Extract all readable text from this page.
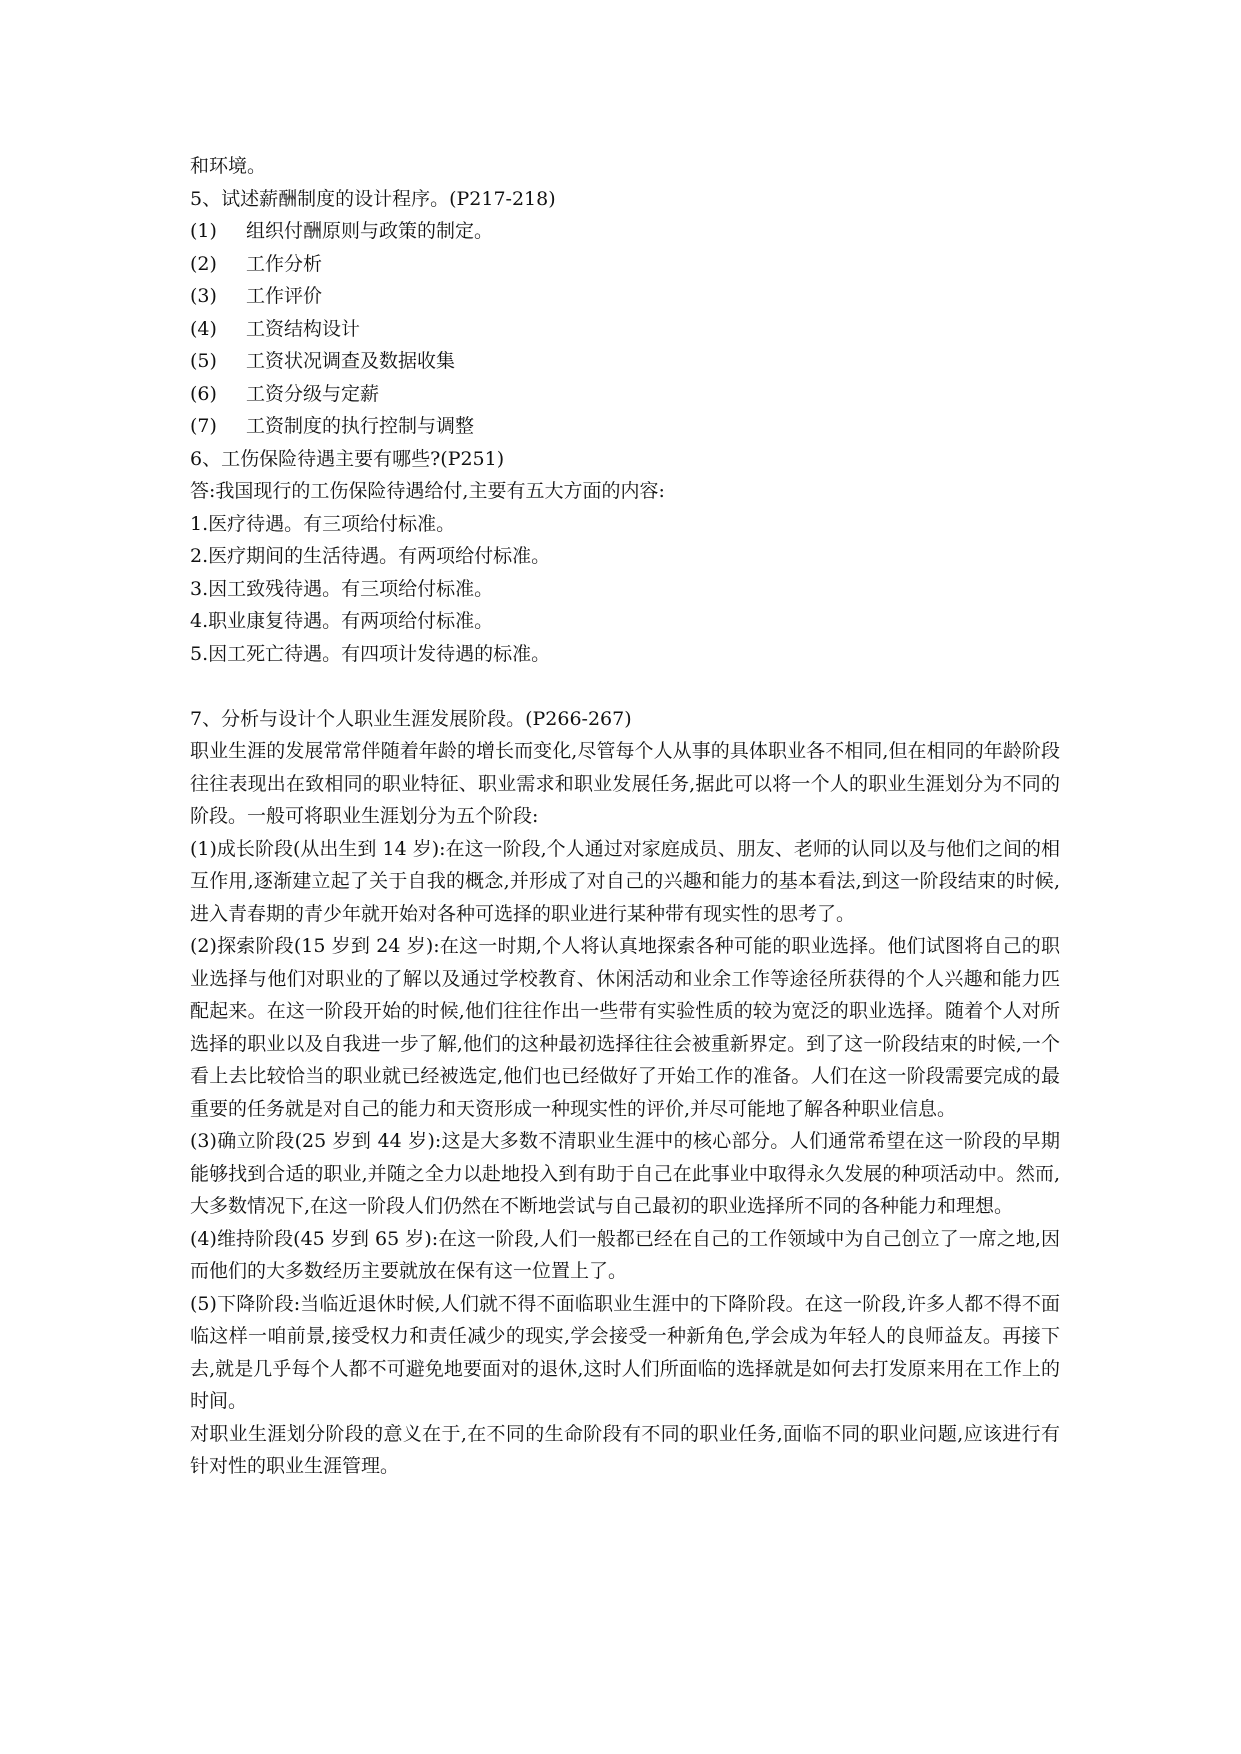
和环境。
5、试述薪酬制度的设计程序。(P217-218)
(1) 组织付酬原则与政策的制定。
(2) 工作分析
(3) 工作评价
(4) 工资结构设计
(5) 工资状况调查及数据收集
(6) 工资分级与定薪
(7) 工资制度的执行控制与调整
6、工伤保险待遇主要有哪些?(P251)
答:我国现行的工伤保险待遇给付,主要有五大方面的内容:
1.医疗待遇。有三项给付标准。
2.医疗期间的生活待遇。有两项给付标准。
3.因工致残待遇。有三项给付标准。
4.职业康复待遇。有两项给付标准。
5.因工死亡待遇。有四项计发待遇的标准。
7、分析与设计个人职业生涯发展阶段。(P266-267)
职业生涯的发展常常伴随着年龄的增长而变化,尽管每个人从事的具体职业各不相同,但在相同的年龄阶段往往表现出在致相同的职业特征、职业需求和职业发展任务,据此可以将一个人的职业生涯划分为不同的阶段。一般可将职业生涯划分为五个阶段:
(1)成长阶段(从出生到 14 岁):在这一阶段,个人通过对家庭成员、朋友、老师的认同以及与他们之间的相互作用,逐渐建立起了关于自我的概念,并形成了对自己的兴趣和能力的基本看法,到这一阶段结束的时候,进入青春期的青少年就开始对各种可选择的职业进行某种带有现实性的思考了。
(2)探索阶段(15 岁到 24 岁):在这一时期,个人将认真地探索各种可能的职业选择。他们试图将自己的职业选择与他们对职业的了解以及通过学校教育、休闲活动和业余工作等途径所获得的个人兴趣和能力匹配起来。在这一阶段开始的时候,他们往往作出一些带有实验性质的较为宽泛的职业选择。随着个人对所选择的职业以及自我进一步了解,他们的这种最初选择往往会被重新界定。到了这一阶段结束的时候,一个看上去比较恰当的职业就已经被选定,他们也已经做好了开始工作的准备。人们在这一阶段需要完成的最重要的任务就是对自己的能力和天资形成一种现实性的评价,并尽可能地了解各种职业信息。
(3)确立阶段(25 岁到 44 岁):这是大多数不清职业生涯中的核心部分。人们通常希望在这一阶段的早期能够找到合适的职业,并随之全力以赴地投入到有助于自己在此事业中取得永久发展的种项活动中。然而,大多数情况下,在这一阶段人们仍然在不断地尝试与自己最初的职业选择所不同的各种能力和理想。
(4)维持阶段(45 岁到 65 岁):在这一阶段,人们一般都已经在自己的工作领域中为自己创立了一席之地,因而他们的大多数经历主要就放在保有这一位置上了。
(5)下降阶段:当临近退休时候,人们就不得不面临职业生涯中的下降阶段。在这一阶段,许多人都不得不面临这样一咱前景,接受权力和责任减少的现实,学会接受一种新角色,学会成为年轻人的良师益友。再接下去,就是几乎每个人都不可避免地要面对的退休,这时人们所面临的选择就是如何去打发原来用在工作上的时间。
对职业生涯划分阶段的意义在于,在不同的生命阶段有不同的职业任务,面临不同的职业问题,应该进行有针对性的职业生涯管理。
